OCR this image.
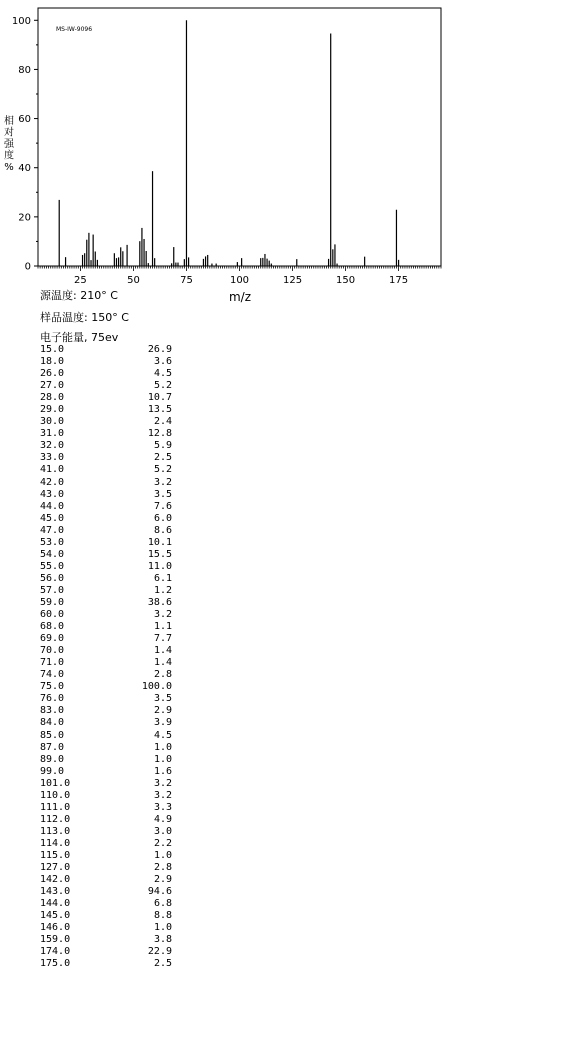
MS-IW-9096
相
对
强
度
%
0
20
40
60
80
100
25	50	75	100	125	150	175
m/z
源温度: 210° C
样品温度: 150° C
电子能量, 75ev
15.0	26.9
18.0	3.6
26.0	4.5
27.0	5.2
28.0	10.7
29.0	13.5
30.0	2.4
31.0	12.8
32.0	5.9
33.0	2.5
41.0	5.2
42.0	3.2
43.0	3.5
44.0	7.6
45.0	6.0
47.0	8.6
53.0	10.1
54.0	15.5
55.0	11.0
56.0	6.1
57.0	1.2
59.0	38.6
60.0	3.2
68.0	1.1
69.0	7.7
70.0	1.4
71.0	1.4
74.0	2.8
75.0	100.0
76.0	3.5
83.0	2.9
84.0	3.9
85.0	4.5
87.0	1.0
89.0	1.0
99.0	1.6
101.0	3.2
110.0	3.2
111.0	3.3
112.0	4.9
113.0	3.0
114.0	2.2
115.0	1.0
127.0	2.8
142.0	2.9
143.0	94.6
144.0	6.8
145.0	8.8
146.0	1.0
159.0	3.8
174.0	22.9
175.0	2.5
